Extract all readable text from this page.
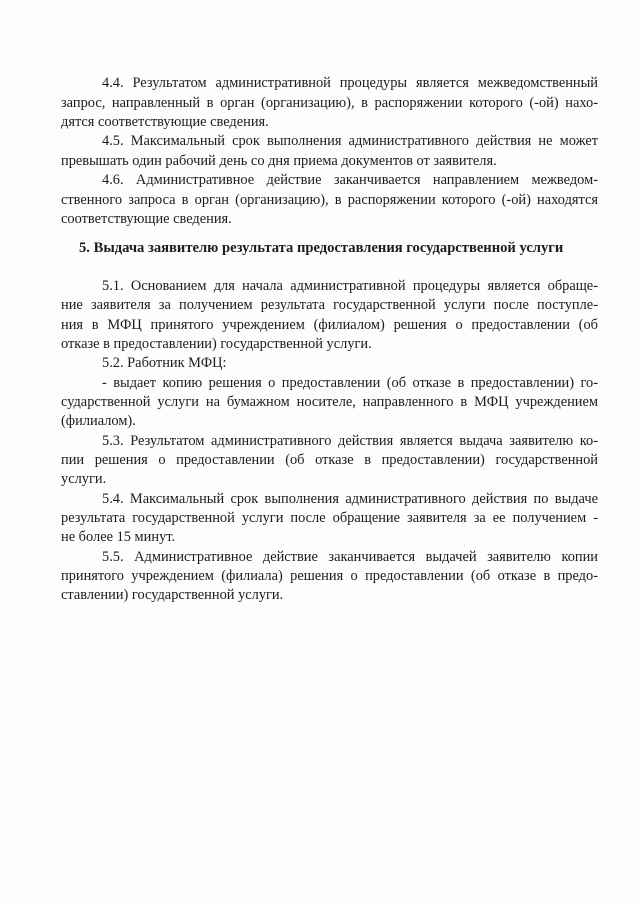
4.4. Результатом административной процедуры является межведомственный
запрос, направленный в орган (организацию), в распоряжении которого (-ой) нахо-
дятся соответствующие сведения.
4.5. Максимальный срок выполнения административного действия не может
превышать один рабочий день со дня приема документов от заявителя.
4.6. Административное действие заканчивается направлением межведом-
ственного запроса в орган (организацию), в распоряжении которого (-ой) находятся
соответствующие сведения.
5. Выдача заявителю результата предоставления государственной услуги
5.1. Основанием для начала административной процедуры является обраще-
ние заявителя за получением результата государственной услуги после поступле-
ния в МФЦ принятого учреждением (филиалом) решения о предоставлении (об
отказе в предоставлении) государственной услуги.
5.2. Работник МФЦ:
- выдает копию решения о предоставлении (об отказе в предоставлении) го-
сударственной услуги на бумажном носителе, направленного в МФЦ учреждением
(филиалом).
5.3. Результатом административного действия является выдача заявителю ко-
пии решения о предоставлении (об отказе в предоставлении) государственной
услуги.
5.4. Максимальный срок выполнения административного действия по выдаче
результата государственной услуги после обращение заявителя за ее получением -
не более 15 минут.
5.5. Административное действие заканчивается выдачей заявителю копии
принятого учреждением (филиала) решения о предоставлении (об отказе в предо-
ставлении) государственной услуги.
